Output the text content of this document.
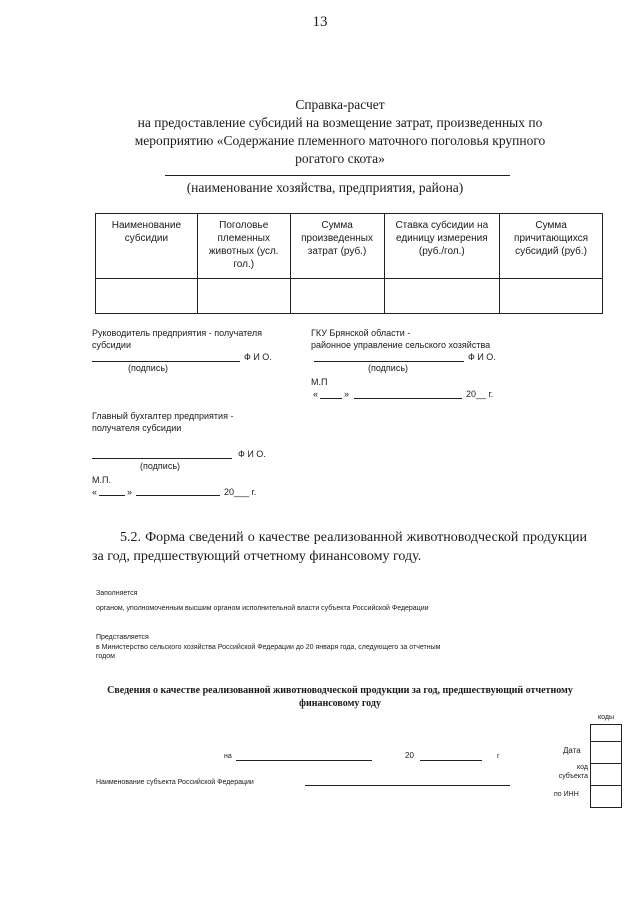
13
Справка-расчет
на предоставление субсидий на возмещение затрат, произведенных по
мероприятию «Содержание племенного маточного поголовья крупного
рогатого скота»
(наименование хозяйства, предприятия, района)
Наименование субсидии	Поголовье племенных животных (усл. гол.)	Сумма произведенных затрат (руб.)	Ставка субсидии на единицу измерения (руб./гол.)	Сумма причитающихся субсидий (руб.)

Руководитель предприятия - получателя
субсидии
Ф И О.
(подпись)
ГКУ Брянской области -
районное управление сельского хозяйства
Ф И О.
(подпись)
М.П
«	»	20__ г.
Главный бухгалтер предприятия -
получателя субсидии
Ф И О.
(подпись)
М.П.
«	»	20___ г.
5.2. Форма сведений о качестве реализованной животноводческой продукции за год, предшествующий отчетному финансовому году.
Заполняется
органом, уполномоченным высшим органом исполнительной власти субъекта Российской Федерации
Представляется
в Министерство сельского хозяйства Российской Федерации до 20 января года, следующего за отчетным
годом
Сведения о качестве реализованной животноводческой продукции за год, предшествующий отчетному
финансовому году
коды
на	20	г
Дата
код
субъекта
по ИНН
Наименование субъекта Российской Федерации
